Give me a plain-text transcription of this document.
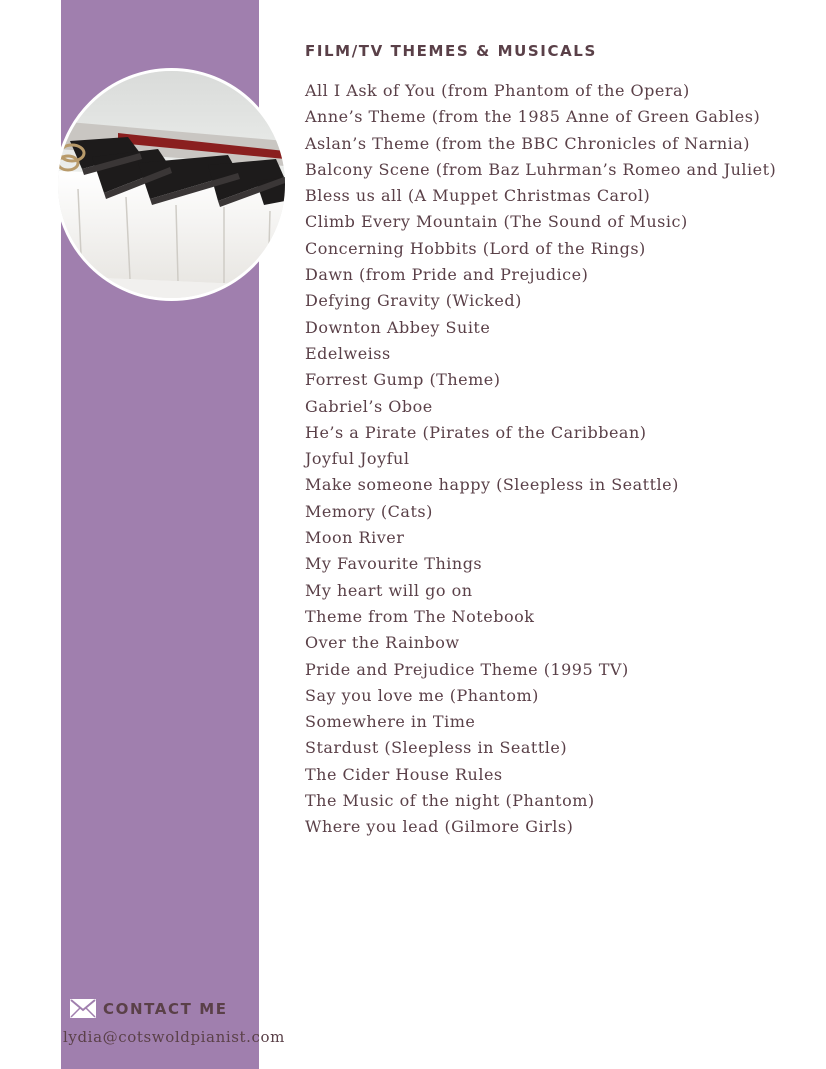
FILM/TV THEMES & MUSICALS
All I Ask of You (from Phantom of the Opera)
Anne’s Theme (from the 1985 Anne of Green Gables)
Aslan’s Theme (from the BBC Chronicles of Narnia)
Balcony Scene (from Baz Luhrman’s Romeo and Juliet)
Bless us all (A Muppet Christmas Carol)
Climb Every Mountain (The Sound of Music)
Concerning Hobbits (Lord of the Rings)
Dawn (from Pride and Prejudice)
Defying Gravity (Wicked)
Downton Abbey Suite
Edelweiss
Forrest Gump (Theme)
Gabriel’s Oboe
He’s a Pirate (Pirates of the Caribbean)
Joyful Joyful
Make someone happy (Sleepless in Seattle)
Memory (Cats)
Moon River
My Favourite Things
My heart will go on
Theme from The Notebook
Over the Rainbow
Pride and Prejudice Theme (1995 TV)
Say you love me (Phantom)
Somewhere in Time
Stardust (Sleepless in Seattle)
The Cider House Rules
The Music of the night (Phantom)
Where you lead (Gilmore Girls)
CONTACT ME
lydia@cotswoldpianist.com
